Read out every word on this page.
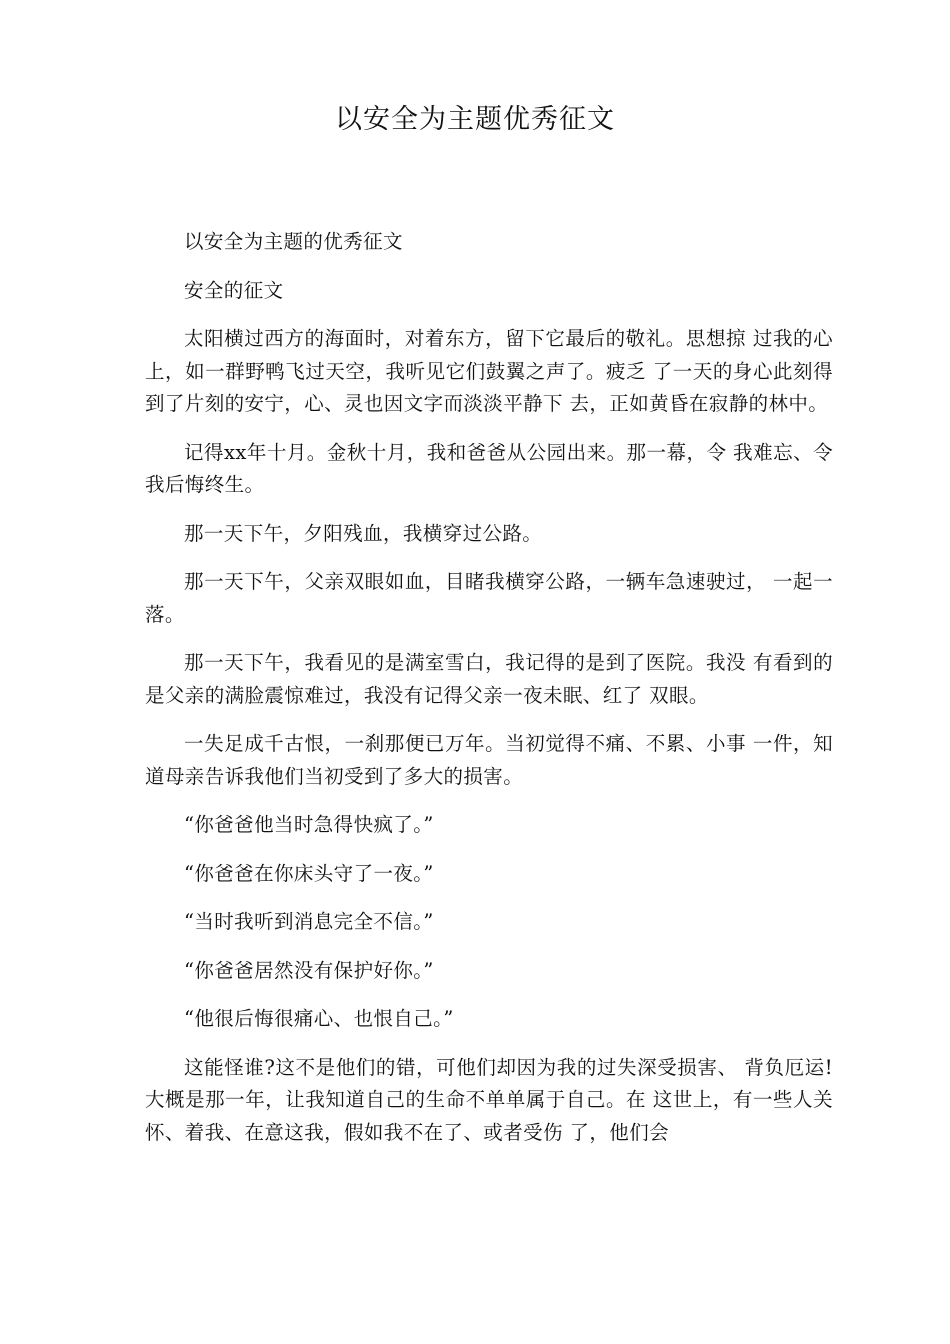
以安全为主题优秀征文

以安全为主题的优秀征文

安全的征文

太阳横过西方的海面时，对着东方，留下它最后的敬礼。思想掠 过我的心上，如一群野鸭飞过天空，我听见它们鼓翼之声了。疲乏 了一天的身心此刻得到了片刻的安宁，心、灵也因文字而淡淡平静下 去，正如黄昏在寂静的林中。

记得xx年十月。金秋十月，我和爸爸从公园出来。那一幕，令 我难忘、令我后悔终生。

那一天下午，夕阳残血，我横穿过公路。

那一天下午，父亲双眼如血，目睹我横穿公路，一辆车急速驶过， 一起一落。

那一天下午，我看见的是满室雪白，我记得的是到了医院。我没 有看到的是父亲的满脸震惊难过，我没有记得父亲一夜未眠、红了 双眼。

一失足成千古恨，一刹那便已万年。当初觉得不痛、不累、小事 一件，知道母亲告诉我他们当初受到了多大的损害。

“你爸爸他当时急得快疯了。”

“你爸爸在你床头守了一夜。”

“当时我听到消息完全不信。”

“你爸爸居然没有保护好你。”

“他很后悔很痛心、也恨自己。”

这能怪谁?这不是他们的错，可他们却因为我的过失深受损害、 背负厄运!大概是那一年，让我知道自己的生命不单单属于自己。在 这世上，有一些人关怀、着我、在意这我，假如我不在了、或者受伤 了，他们会
